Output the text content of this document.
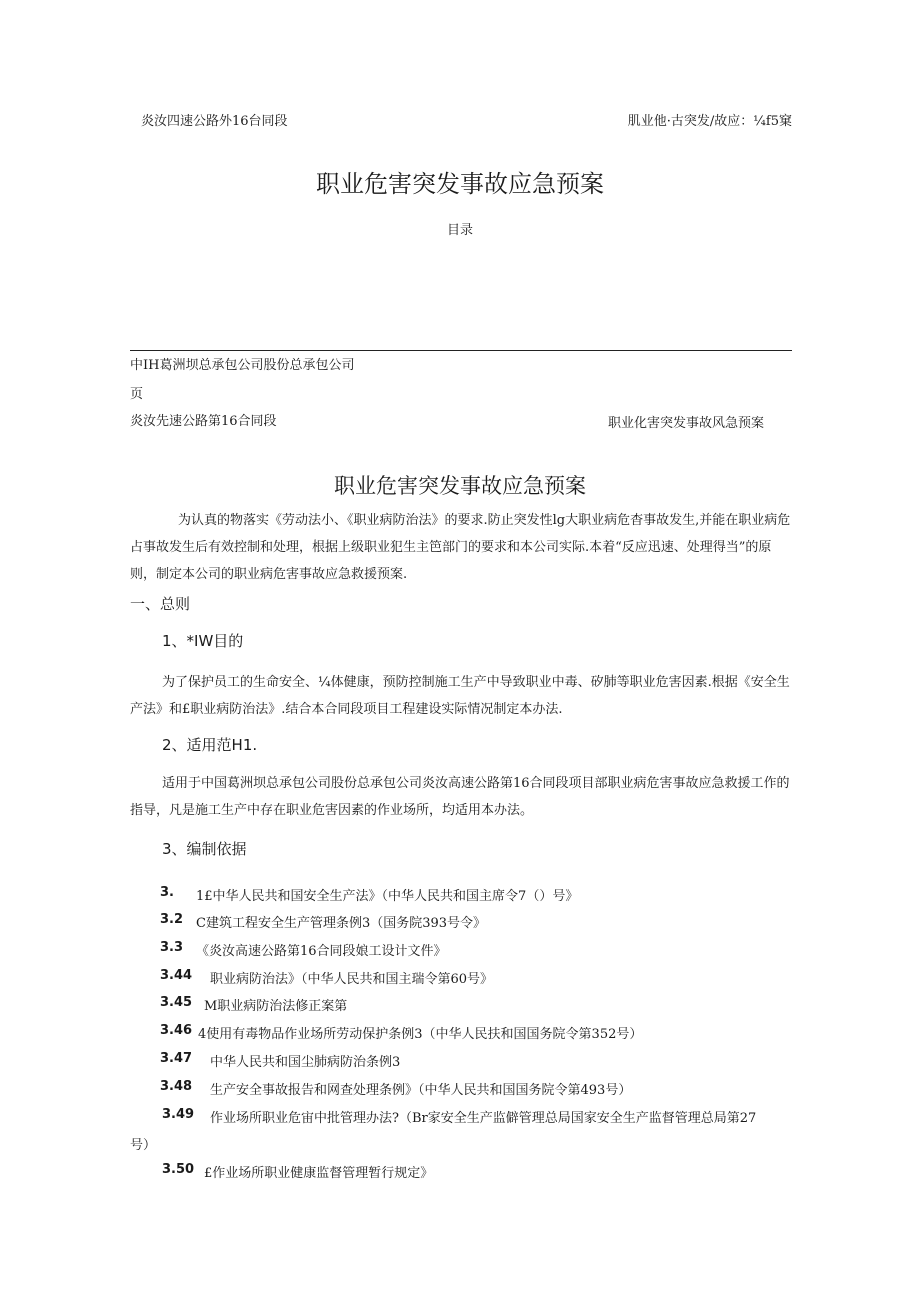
炎汝四速公路外16台同段	肌业他·古突发/故应：¼f5窠
职业危害突发事故应急预案
目录
中IH葛洲坝总承包公司股份总承包公司
页
炎汝先速公路第16合同段	职业化害突发事故风急预案
职业危害突发事故应急预案
为认真的物落实《劳动法小、《职业病防治法》的要求.防止突发性lg大职业病危杳事故发生,并能在职业病危占事故发生后有效控制和处理，根据上级职业犯生主笆部门的要求和本公司实际.本着“反应迅速、处理得当”的原则，制定本公司的职业病危害事故应急救援预案.
一、总则
1、*IW目的
为了保护员工的生命安全、¼体健康，预防控制施工生产中导致职业中毒、矽肺等职业危害因素.根据《安全生产法》和£职业病防治法》.结合本合同段项目工程建设实际情况制定本办法.
2、适用范H1.
适用于中国葛洲坝总承包公司股份总承包公司炎汝高速公路第16合同段项目部职业病危害事故应急救援工作的指导，凡是施工生产中存在职业危害因素的作业场所，均适用本办法。
3、编制依据
3. 1£中华人民共和国安全生产法》（中华人民共和国主席令7（）号》
3.2 C建筑工程安全生产管理条例3（国务院393号令》
3.3 《炎汝高速公路第16合同段娘工设计文件》
3.44 职业病防治法》（中华人民共和国主瑞令第60号》
3.45 M职业病防治法修正案第
3.46 4使用有毒物品作业场所劳动保护条例3（中华人民扶和国国务院令第352号）
3.47 中华人民共和国尘肺病防治条例3
3.48 生产安全事故报告和网查处理条例》（中华人民共和国国务院令第493号）
3.49 作业场所职业危宙中批管理办法?（Br家安全生产监僻管理总局国家安全生产监督管理总局第27
号）
3.50 £作业场所职业健康监督管理暂行规定》
